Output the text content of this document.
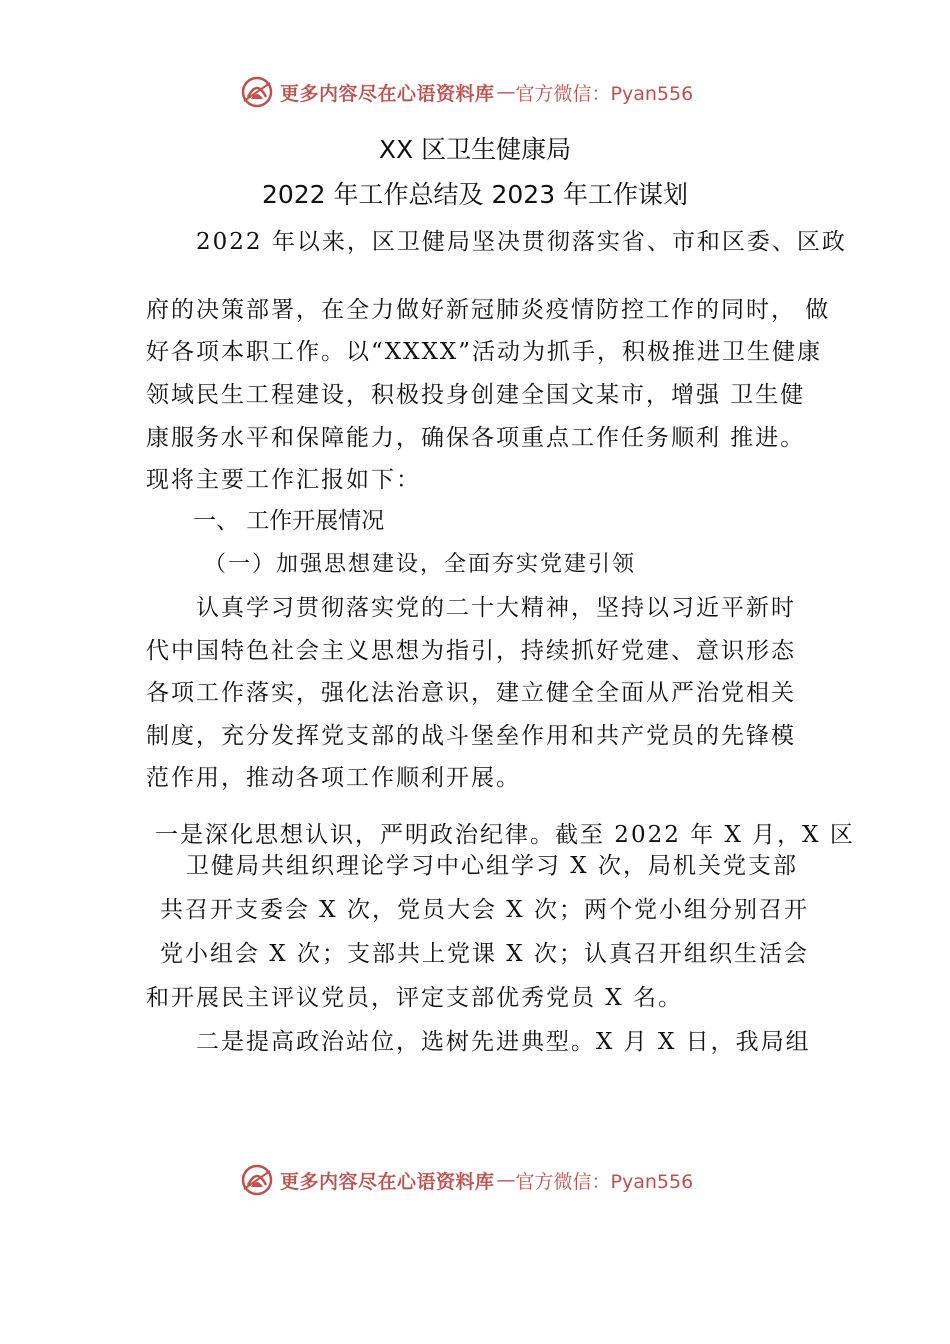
更多内容尽在心语资料库 — 官方微信：Pyan556
XX 区卫生健康局
2022 年工作总结及 2023 年工作谋划
2022 年以来，区卫健局坚决贯彻落实省、市和区委、区政
府的决策部署，在全力做好新冠肺炎疫情防控工作的同时， 做
好各项本职工作。以“XXXX”活动为抓手，积极推进卫生健康
领域民生工程建设，积极投身创建全国文某市，增强 卫生健
康服务水平和保障能力，确保各项重点工作任务顺利 推进。
现将主要工作汇报如下：
一、 工作开展情况
（一）加强思想建设，全面夯实党建引领
认真学习贯彻落实党的二十大精神，坚持以习近平新时
代中国特色社会主义思想为指引，持续抓好党建、意识形态
各项工作落实，强化法治意识，建立健全全面从严治党相关
制度，充分发挥党支部的战斗堡垒作用和共产党员的先锋模
范作用，推动各项工作顺利开展。
一是深化思想认识，严明政治纪律。截至 2022 年 X 月，X 区
卫健局共组织理论学习中心组学习 X 次，局机关党支部
共召开支委会 X 次，党员大会 X 次；两个党小组分别召开
党小组会 X 次；支部共上党课 X 次；认真召开组织生活会
和开展民主评议党员，评定支部优秀党员 X 名。
二是提高政治站位，选树先进典型。X 月 X 日，我局组
更多内容尽在心语资料库 — 官方微信：Pyan556
